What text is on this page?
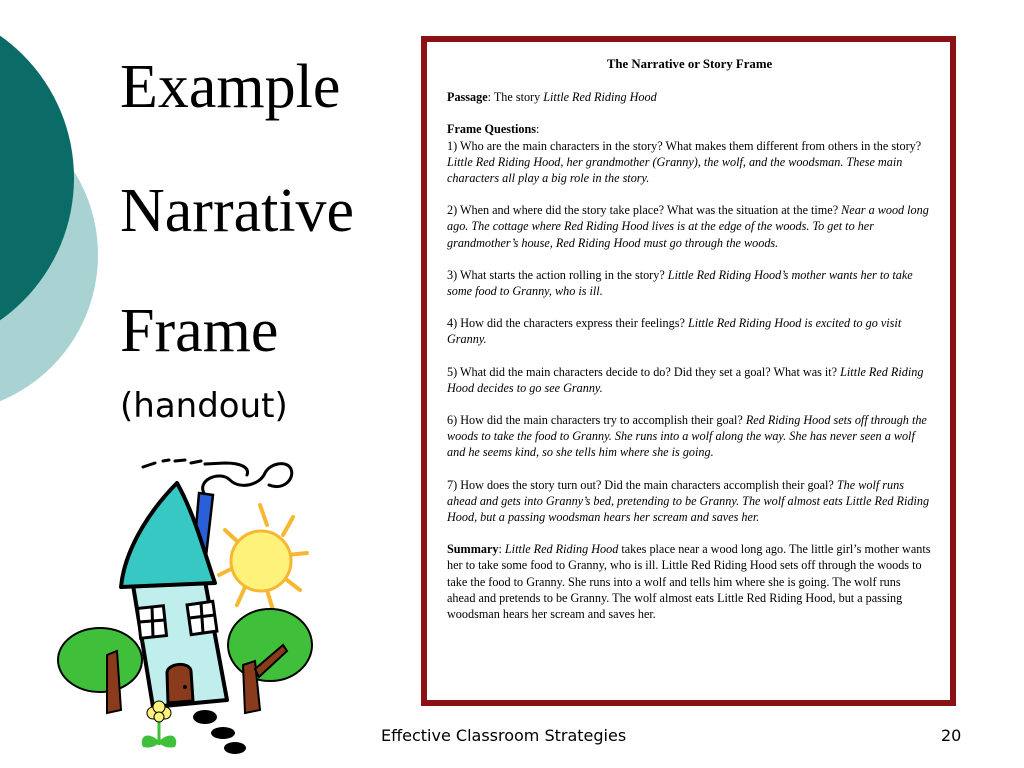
Example
Narrative
Frame
(handout)
The Narrative or Story Frame

Passage: The story Little Red Riding Hood

Frame Questions:

1) Who are the main characters in the story? What makes them different from others in the story? Little Red Riding Hood, her grandmother (Granny), the wolf, and the woodsman. These main characters all play a big role in the story.

2) When and where did the story take place? What was the situation at the time? Near a wood long ago. The cottage where Red Riding Hood lives is at the edge of the woods. To get to her grandmother’s house, Red Riding Hood must go through the woods.

3) What starts the action rolling in the story? Little Red Riding Hood’s mother wants her to take some food to Granny, who is ill.

4) How did the characters express their feelings? Little Red Riding Hood is excited to go visit Granny.

5) What did the main characters decide to do? Did they set a goal? What was it? Little Red Riding Hood decides to go see Granny.

6) How did the main characters try to accomplish their goal? Red Riding Hood sets off through the woods to take the food to Granny. She runs into a wolf along the way. She has never seen a wolf and he seems kind, so she tells him where she is going.

7) How does the story turn out? Did the main characters accomplish their goal? The wolf runs ahead and gets into Granny’s bed, pretending to be Granny. The wolf almost eats Little Red Riding Hood, but a passing woodsman hears her scream and saves her.

Summary: Little Red Riding Hood takes place near a wood long ago. The little girl’s mother wants her to take some food to Granny, who is ill. Little Red Riding Hood sets off through the woods to take the food to Granny. She runs into a wolf and tells him where she is going. The wolf runs ahead and pretends to be Granny. The wolf almost eats Little Red Riding Hood, but a passing woodsman hears her scream and saves her.

Effective Classroom Strategies	20
